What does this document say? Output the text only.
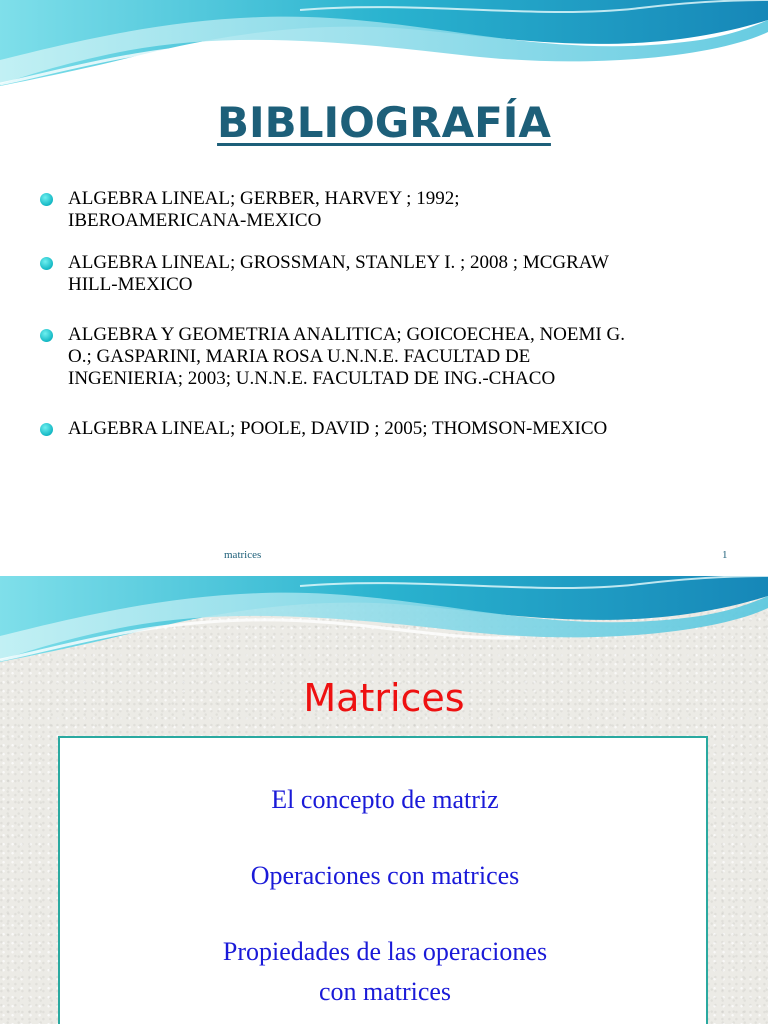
BIBLIOGRAFÍA
ALGEBRA LINEAL; GERBER, HARVEY ; 1992;
IBEROAMERICANA-MEXICO
ALGEBRA LINEAL; GROSSMAN, STANLEY I. ; 2008 ; MCGRAW
HILL-MEXICO
ALGEBRA Y GEOMETRIA ANALITICA; GOICOECHEA, NOEMI G.
O.; GASPARINI, MARIA ROSA U.N.N.E. FACULTAD DE
INGENIERIA; 2003; U.N.N.E. FACULTAD DE ING.-CHACO
ALGEBRA LINEAL; POOLE, DAVID ; 2005; THOMSON-MEXICO
matrices	1
Matrices
El concepto de matriz
Operaciones con matrices
Propiedades de las operaciones
con matrices
